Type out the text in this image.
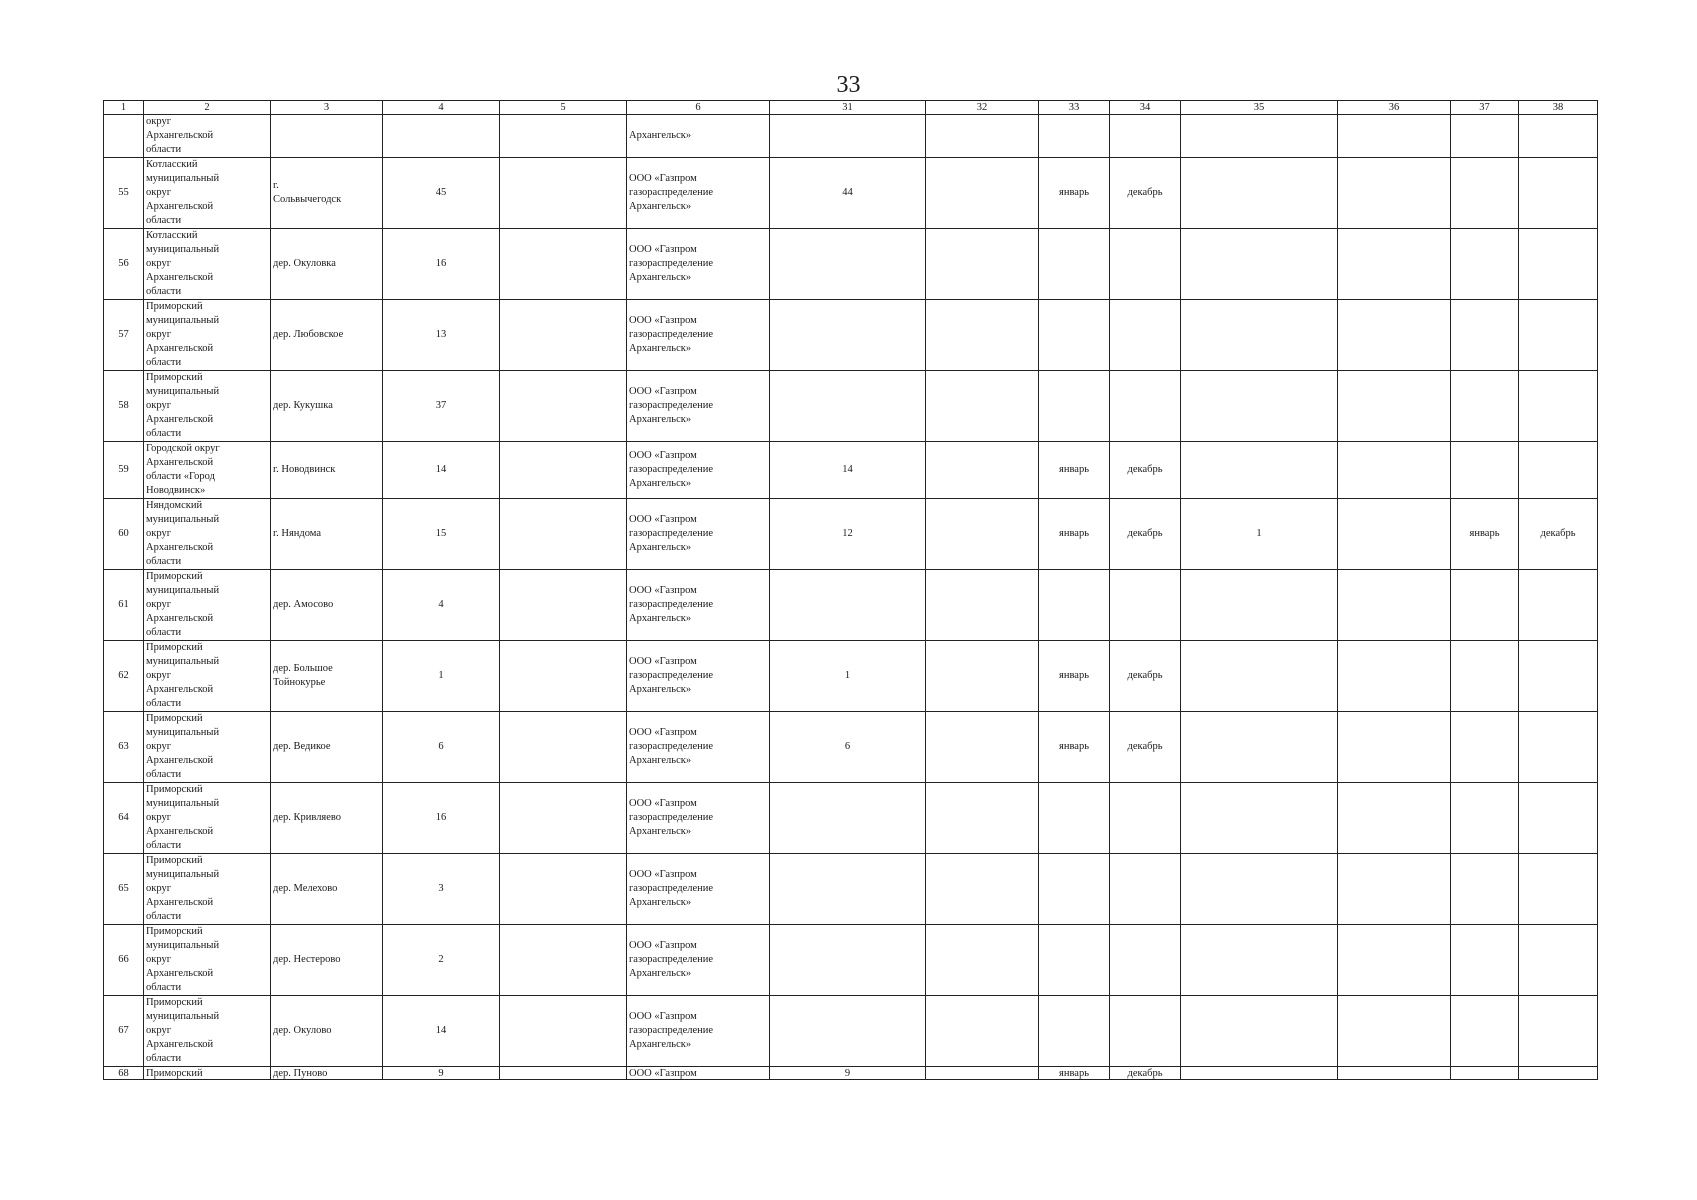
33
1	2	3	4	5	6	31	32	33	34	35	36	37	38
	округ
Архангельской
области				Архангельск»								
55	Котласский
муниципальный
округ
Архангельской
области	г.
Сольвычегодск	45		ООО «Газпром
газораспределение
Архангельск»	44		январь	декабрь				
56	Котласский
муниципальный
округ
Архангельской
области	дер. Окуловка	16		ООО «Газпром
газораспределение
Архангельск»								
57	Приморский
муниципальный
округ
Архангельской
области	дер. Любовское	13		ООО «Газпром
газораспределение
Архангельск»								
58	Приморский
муниципальный
округ
Архангельской
области	дер. Кукушка	37		ООО «Газпром
газораспределение
Архангельск»								
59	Городской округ
Архангельской
области «Город
Новодвинск»	г. Новодвинск	14		ООО «Газпром
газораспределение
Архангельск»	14		январь	декабрь				
60	Няндомский
муниципальный
округ
Архангельской
области	г. Няндома	15		ООО «Газпром
газораспределение
Архангельск»	12		январь	декабрь	1		январь	декабрь
61	Приморский
муниципальный
округ
Архангельской
области	дер. Амосово	4		ООО «Газпром
газораспределение
Архангельск»								
62	Приморский
муниципальный
округ
Архангельской
области	дер. Большое
Тойнокурье	1		ООО «Газпром
газораспределение
Архангельск»	1		январь	декабрь				
63	Приморский
муниципальный
округ
Архангельской
области	дер. Ведикое	6		ООО «Газпром
газораспределение
Архангельск»	6		январь	декабрь				
64	Приморский
муниципальный
округ
Архангельской
области	дер. Кривляево	16		ООО «Газпром
газораспределение
Архангельск»								
65	Приморский
муниципальный
округ
Архангельской
области	дер. Мелехово	3		ООО «Газпром
газораспределение
Архангельск»								
66	Приморский
муниципальный
округ
Архангельской
области	дер. Нестерово	2		ООО «Газпром
газораспределение
Архангельск»								
67	Приморский
муниципальный
округ
Архангельской
области	дер. Окулово	14		ООО «Газпром
газораспределение
Архангельск»								
68	Приморский	дер. Пуново	9		ООО «Газпром	9		январь	декабрь				
